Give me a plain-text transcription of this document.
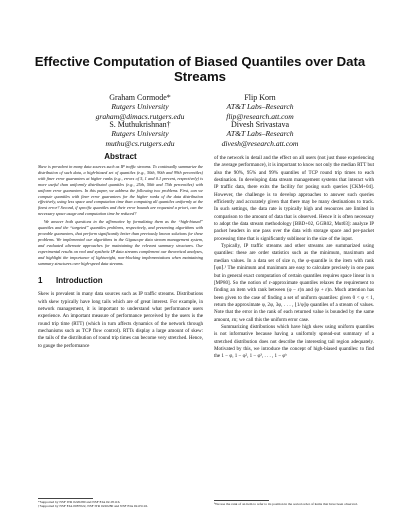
Effective Computation of Biased Quantiles over Data Streams
Graham Cormode*
Rutgers University
graham@dimacs.rutgers.edu
Flip Korn
AT&T Labs–Research
flip@research.att.com
S. Muthukrishnan†
Rutgers University
muthu@cs.rutgers.edu
Divesh Srivastava
AT&T Labs–Research
divesh@research.att.com
Abstract

Skew is prevalent in many data sources such as IP traffic streams. To continually summarize the distribution of such data, a high-biased set of quantiles (e.g., 50th, 90th and 99th percentiles) with finer error guarantees at higher ranks (e.g., errors of 5, 1 and 0.1 percent, respectively) is more useful than uniformly distributed quantiles (e.g., 25th, 50th and 75th percentiles) with uniform error guarantees. In this paper, we address the following two problems. First, can we compute quantiles with finer error guarantees for the higher ranks of the data distribution effectively, using less space and computation time than computing all quantiles uniformly at the finest error? Second, if specific quantiles and their error bounds are requested a priori, can the necessary space usage and computation time be reduced?

We answer both questions in the affirmative by formalizing them as the “high-biased” quantiles and the “targeted” quantiles problems, respectively, and presenting algorithms with provable guarantees, that perform significantly better than previously known solutions for these problems. We implemented our algorithms in the Gigascope data stream management system, and evaluated alternate approaches for maintaining the relevant summary structures. Our experimental results on real and synthetic IP data streams complement our theoretical analyses, and highlight the importance of lightweight, non-blocking implementations when maintaining summary structures over high-speed data streams.

1 Introduction

Skew is prevalent in many data sources such as IP traffic streams. Distributions with skew typically have long tails which are of great interest. For example, in network management, it is important to understand what performance users experience. An important measure of performance perceived by the users is the round trip time (RTT) (which in turn affects dynamics of the network through mechanisms such as TCP flow control). RTTs display a large amount of skew: the tails of the distribution of round trip times can become very stretched. Hence, to gauge the performance

of the network in detail and the effect on all users (not just those experiencing the average performance), it is important to know not only the median RTT but also the 90%, 95% and 99% quantiles of TCP round trip times to each destination. In developing data stream management systems that interact with IP traffic data, there exits the facility for posing such queries [CKM+04]. However, the challenge is to develop approaches to answer such queries efficiently and accurately given that there may be many destinations to track. In such settings, the data rate is typically high and resources are limited in comparison to the amount of data that is observed. Hence it is often necessary to adopt the data stream methodology [BBD+02, GGR02, Mut03]: analyze IP packet headers in one pass over the data with storage space and per-packet processing time that is significantly sublinear in the size of the input.

Typically, IP traffic streams and other streams are summarized using quantiles: these are order statistics such as the minimum, maximum and median values. In a data set of size n, the φ-quantile is the item with rank ⌈φn⌉.¹ The minimum and maximum are easy to calculate precisely in one pass but in general exact computation of certain quantiles requires space linear in n [MP80]. So the notion of ε-approximate quantiles relaxes the requirement to finding an item with rank between (φ − ε)n and (φ + ε)n. Much attention has been given to the case of finding a set of uniform quantiles: given 0 < φ < 1, return the approximate φ, 2φ, 3φ, . . . , ⌊1/φ⌋φ quantiles of a stream of values. Note that the error in the rank of each returned value is bounded by the same amount, εn; we call this the uniform error case.

Summarizing distributions which have high skew using uniform quantiles is not informative because having a uniformly spread-out summary of a stretched distribution does not describe the interesting tail region adequately. Motivated by this, we introduce the concept of high-biased quantiles: to find the 1 − φ, 1 − φ², 1 − φ³, . . . , 1 − φᵏ

*Supported by NSF ITR 0220280 and NSF EIA 02-05116.
†Supported by NSF EIA 0087022, NSF ITR 0220280 and NSF EIA 02-05116.
¹We use the rank of an item to refer to its position in the sorted order of items that have been observed.
